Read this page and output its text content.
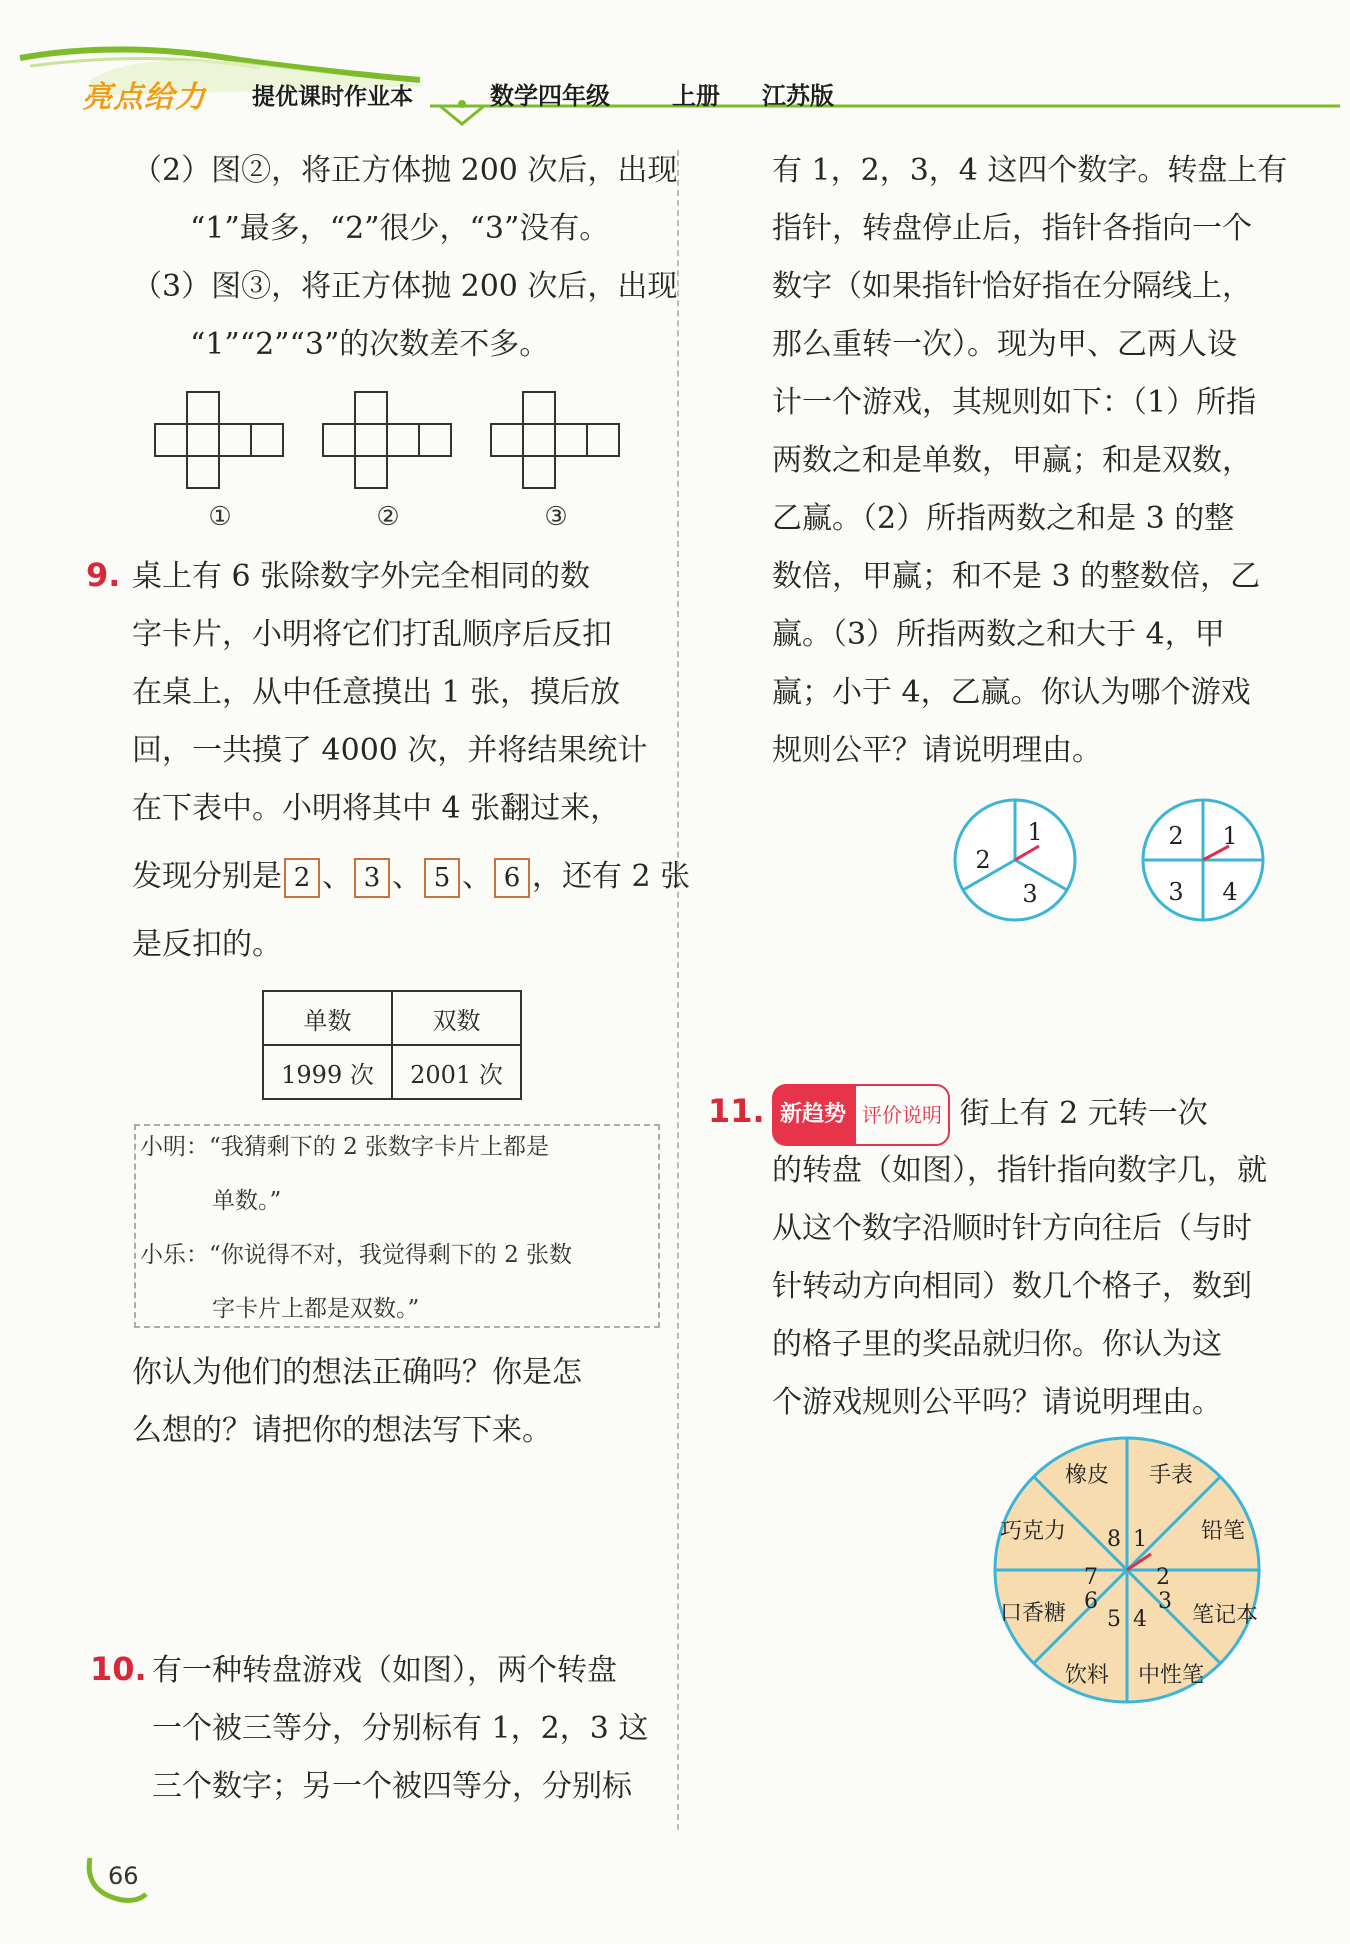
亮点给力 提优课时作业本	数学四年级	上册 江苏版
（2）图②，将正方体抛 200 次后，出现
“1”最多，“2”很少，“3”没有。
（3）图③，将正方体抛 200 次后，出现
“1”“2”“3”的次数差不多。
①	②	③
9. 桌上有 6 张除数字外完全相同的数
字卡片，小明将它们打乱顺序后反扣
在桌上，从中任意摸出 1 张，摸后放
回，一共摸了 4000 次，并将结果统计
在下表中。小明将其中 4 张翻过来，
发现分别是 2 、 3 、 5 、 6 ，还有 2 张
是反扣的。
单数	双数
1999 次	2001 次
小明：“我猜剩下的 2 张数字卡片上都是
单数。”
小乐：“你说得不对，我觉得剩下的 2 张数
字卡片上都是双数。”
你认为他们的想法正确吗？你是怎
么想的？请把你的想法写下来。
10. 有一种转盘游戏（如图），两个转盘
一个被三等分，分别标有 1，2，3 这
三个数字；另一个被四等分，分别标
有 1，2，3，4 这四个数字。转盘上有
指针，转盘停止后，指针各指向一个
数字（如果指针恰好指在分隔线上，
那么重转一次）。现为甲、乙两人设
计一个游戏，其规则如下：（1）所指
两数之和是单数，甲赢；和是双数，
乙赢。（2）所指两数之和是 3 的整
数倍，甲赢；和不是 3 的整数倍，乙
赢。（3）所指两数之和大于 4，甲
赢；小于 4，乙赢。你认为哪个游戏
规则公平？请说明理由。
1
2
3
2 1
3 4
11. 新趋势 评价说明 街上有 2 元转一次
的转盘（如图），指针指向数字几，就
从这个数字沿顺时针方向往后（与时
针转动方向相同）数几个格子，数到
的格子里的奖品就归你。你认为这
个游戏规则公平吗？请说明理由。
手表
铅笔
笔记本
中性笔
饮料
口香糖
巧克力
橡皮
1
2
3
4
5
6
7
8
66
